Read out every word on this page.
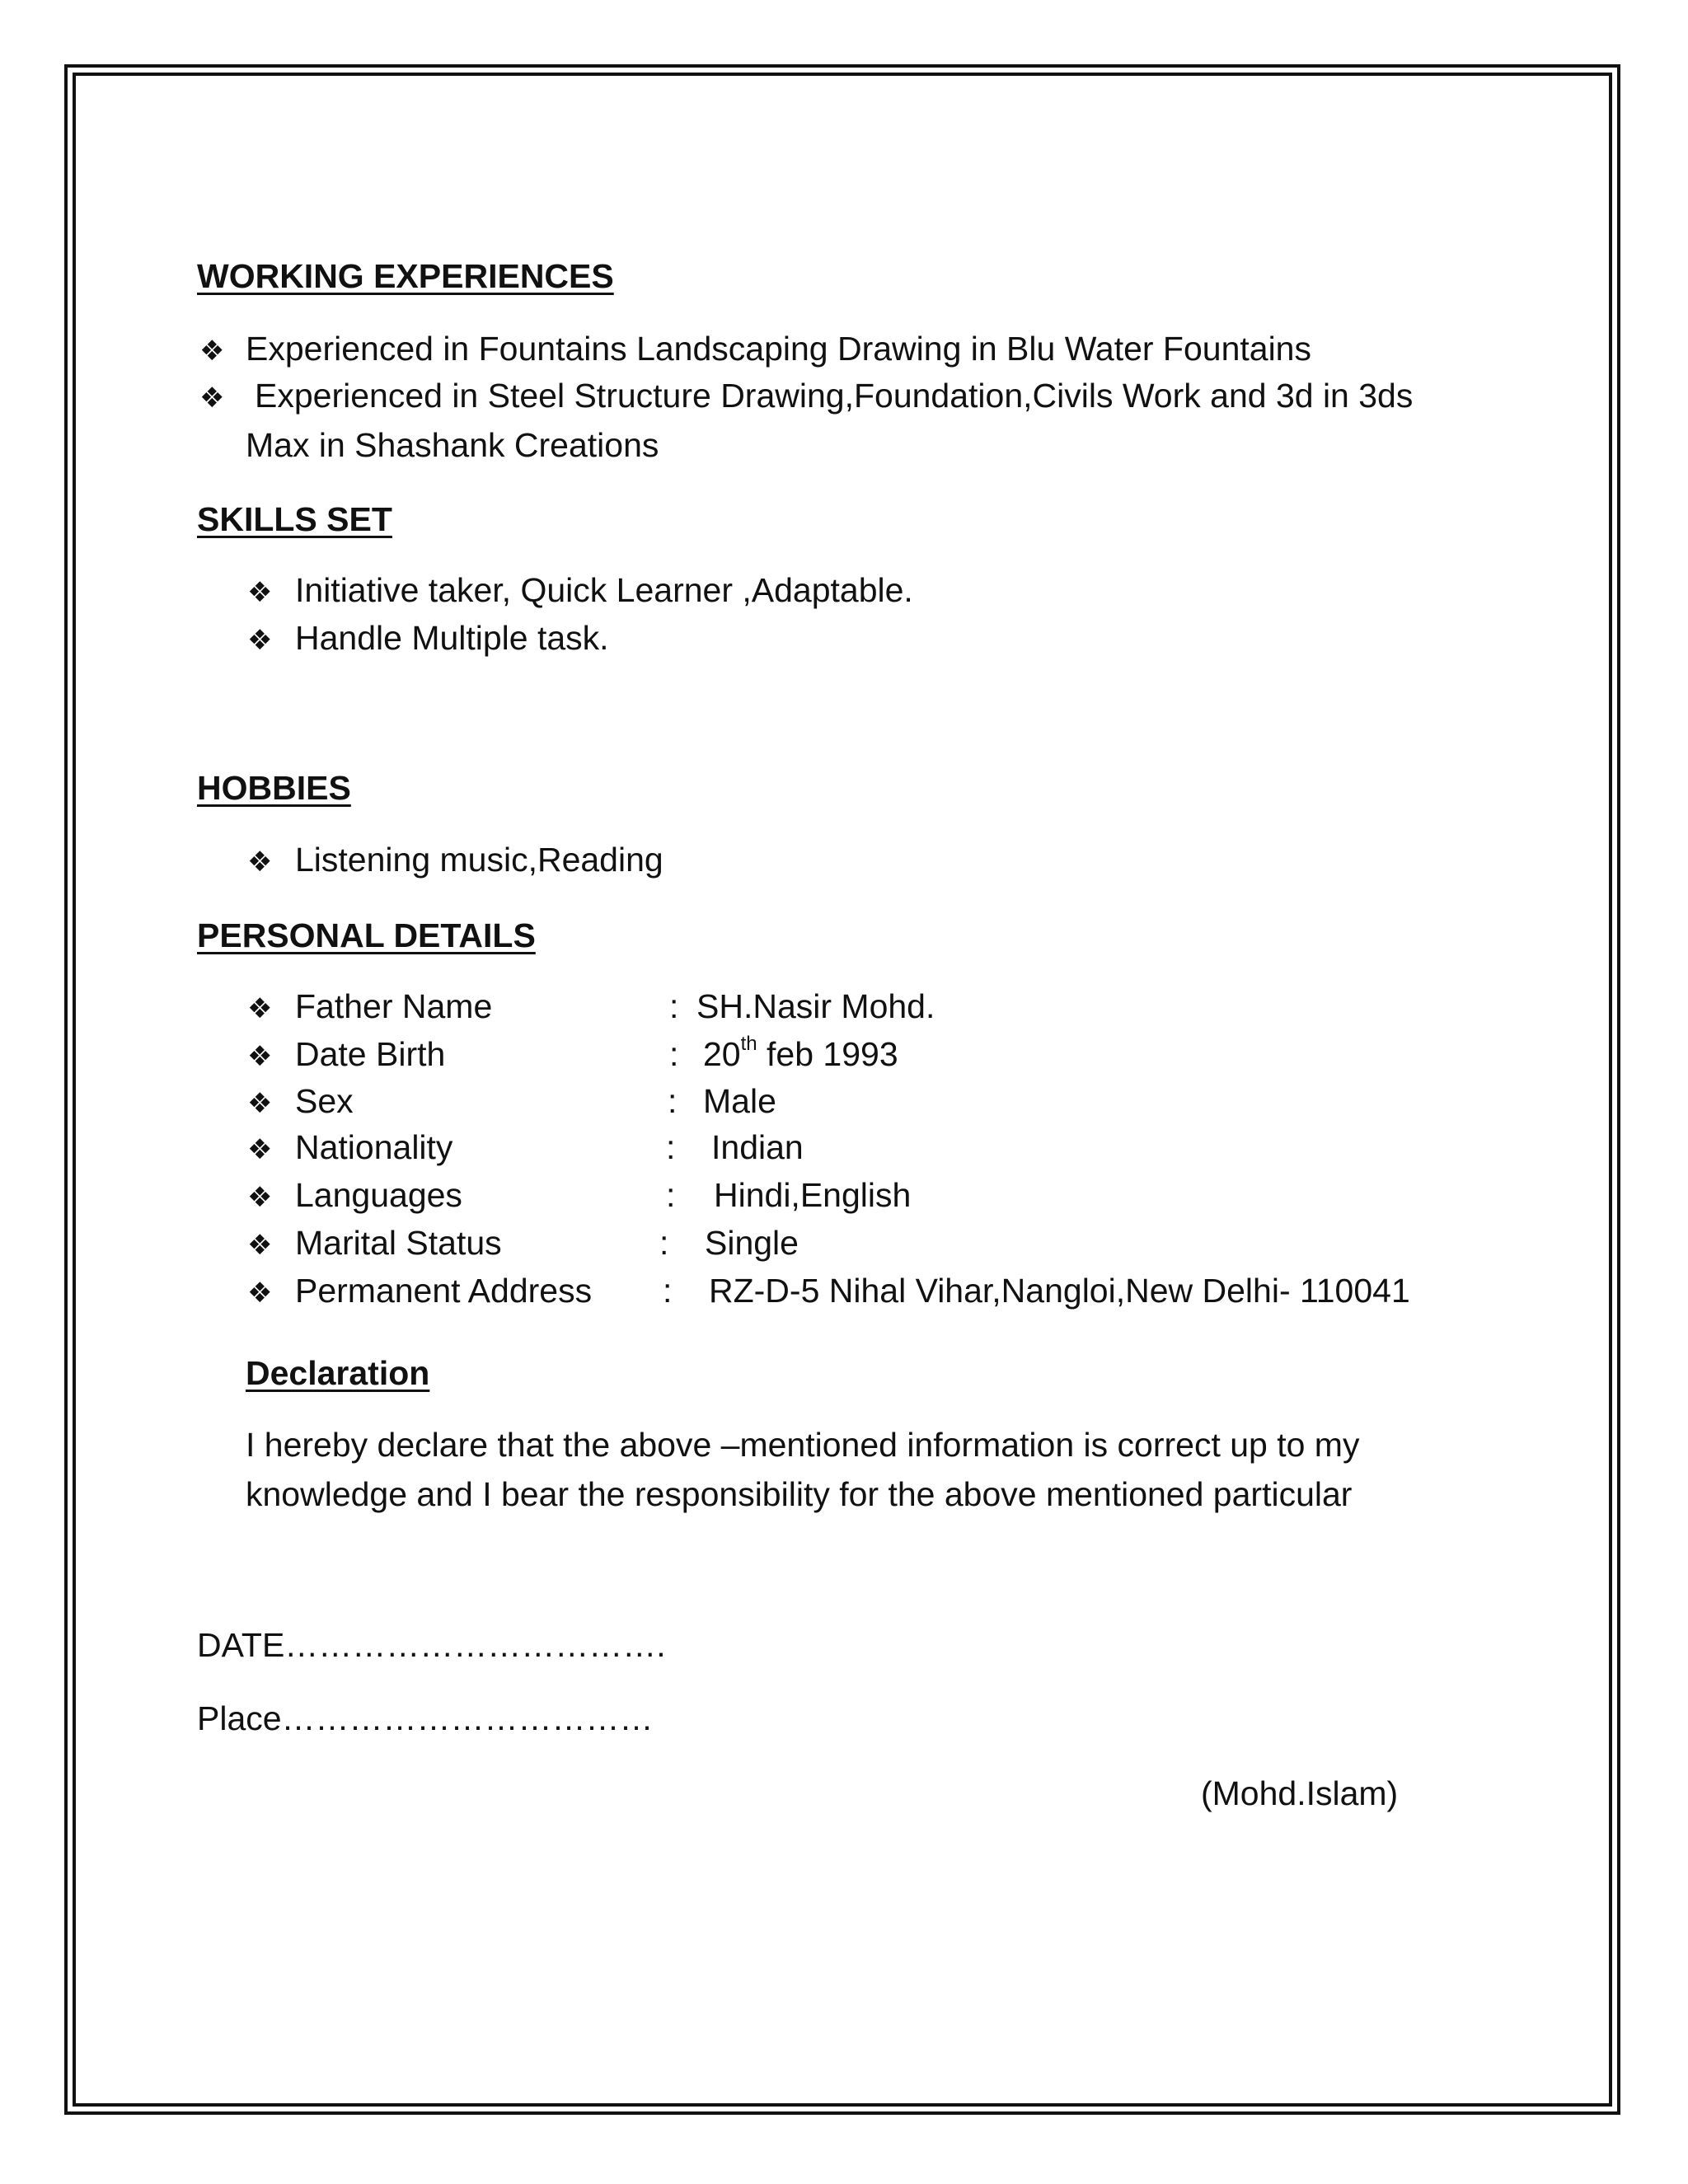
WORKING EXPERIENCES
❖ Experienced in Fountains Landscaping Drawing in Blu Water Fountains
❖ Experienced in Steel Structure Drawing,Foundation,Civils Work and 3d in 3ds
Max in Shashank Creations
SKILLS SET
❖ Initiative taker, Quick Learner ,Adaptable.
❖ Handle Multiple task.
HOBBIES
❖ Listening music,Reading
PERSONAL DETAILS
❖ Father Name	: SH.Nasir Mohd.
❖ Date Birth	: 20th feb 1993
❖ Sex	: Male
❖ Nationality	: Indian
❖ Languages	: Hindi,English
❖ Marital Status	: Single
❖ Permanent Address : RZ-D-5 Nihal Vihar,Nangloi,New Delhi- 110041
Declaration
I hereby declare that the above –mentioned information is correct up to my
knowledge and I bear the responsibility for the above mentioned particular
DATE…………………………….
Place……………………………
(Mohd.Islam)
